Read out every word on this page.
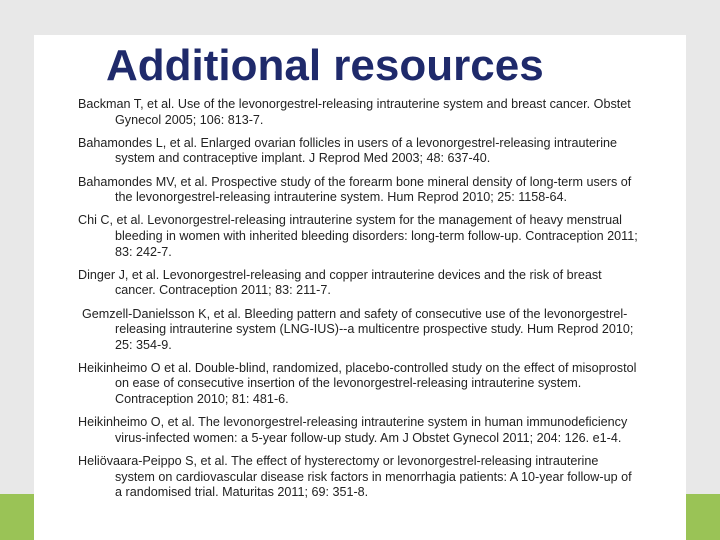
Additional resources
Backman T, et al. Use of the levonorgestrel-releasing intrauterine system and breast cancer. Obstet Gynecol 2005; 106: 813-7.
Bahamondes L, et al. Enlarged ovarian follicles in users of a levonorgestrel-releasing intrauterine system and contraceptive implant. J Reprod Med 2003; 48: 637-40.
Bahamondes MV, et al. Prospective study of the forearm bone mineral density of long-term users of the levonorgestrel-releasing intrauterine system. Hum Reprod 2010; 25: 1158-64.
Chi C, et al. Levonorgestrel-releasing intrauterine system for the management of heavy menstrual bleeding in women with inherited bleeding disorders: long-term follow-up. Contraception 2011; 83: 242-7.
Dinger J, et al. Levonorgestrel-releasing and copper intrauterine devices and the risk of breast cancer. Contraception 2011; 83: 211-7.
Gemzell-Danielsson K, et al. Bleeding pattern and safety of consecutive use of the levonorgestrel-releasing intrauterine system (LNG-IUS)--a multicentre prospective study. Hum Reprod 2010; 25: 354-9.
Heikinheimo O et al. Double-blind, randomized, placebo-controlled study on the effect of misoprostol on ease of consecutive insertion of the levonorgestrel-releasing intrauterine system. Contraception 2010; 81: 481-6.
Heikinheimo O, et al. The levonorgestrel-releasing intrauterine system in human immunodeficiency virus-infected women: a 5-year follow-up study. Am J Obstet Gynecol 2011; 204: 126. e1-4.
Heliövaara-Peippo S, et al. The effect of hysterectomy or levonorgestrel-releasing intrauterine system on cardiovascular disease risk factors in menorrhagia patients: A 10-year follow-up of a randomised trial. Maturitas 2011; 69: 351-8.
